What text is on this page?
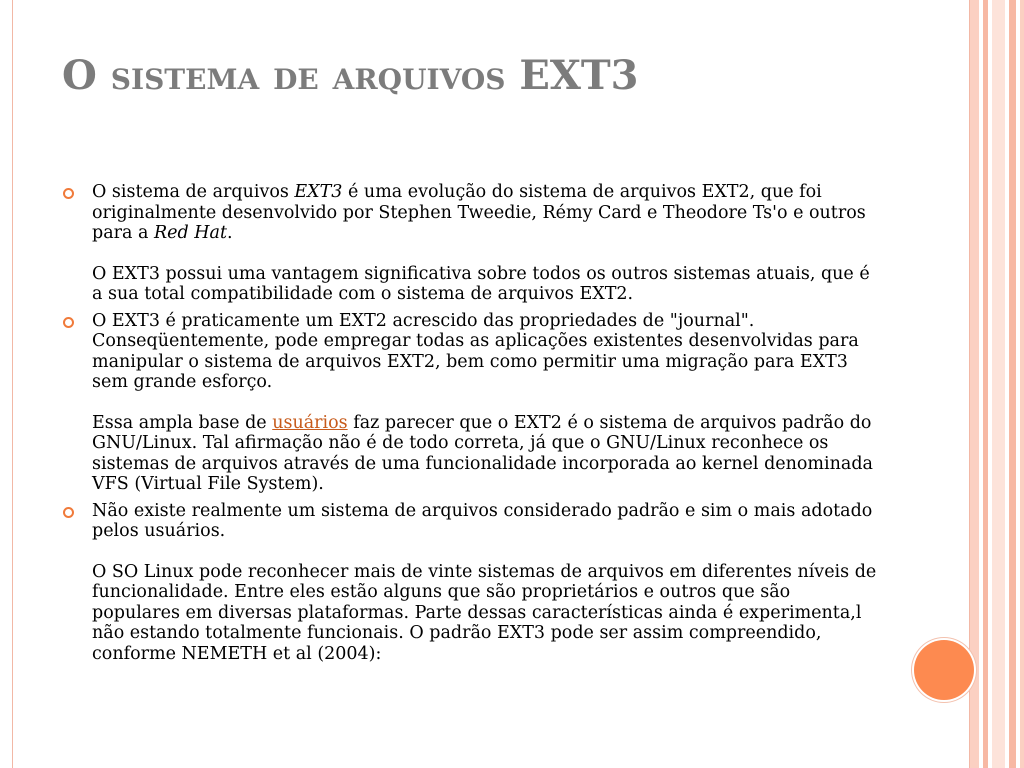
O sistema de arquivos EXT3

O sistema de arquivos EXT3 é uma evolução do sistema de arquivos EXT2, que foi originalmente desenvolvido por Stephen Tweedie, Rémy Card e Theodore Ts'o e outros para a Red Hat.

O EXT3 possui uma vantagem significativa sobre todos os outros sistemas atuais, que é a sua total compatibilidade com o sistema de arquivos EXT2.

O EXT3 é praticamente um EXT2 acrescido das propriedades de "journal". Conseqüentemente, pode empregar todas as aplicações existentes desenvolvidas para manipular o sistema de arquivos EXT2, bem como permitir uma migração para EXT3 sem grande esforço.

Essa ampla base de usuários faz parecer que o EXT2 é o sistema de arquivos padrão do GNU/Linux. Tal afirmação não é de todo correta, já que o GNU/Linux reconhece os sistemas de arquivos através de uma funcionalidade incorporada ao kernel denominada VFS (Virtual File System).

Não existe realmente um sistema de arquivos considerado padrão e sim o mais adotado pelos usuários.

O SO Linux pode reconhecer mais de vinte sistemas de arquivos em diferentes níveis de funcionalidade. Entre eles estão alguns que são proprietários e outros que são populares em diversas plataformas. Parte dessas características ainda é experimenta,l não estando totalmente funcionais. O padrão EXT3 pode ser assim compreendido, conforme NEMETH et al (2004):
